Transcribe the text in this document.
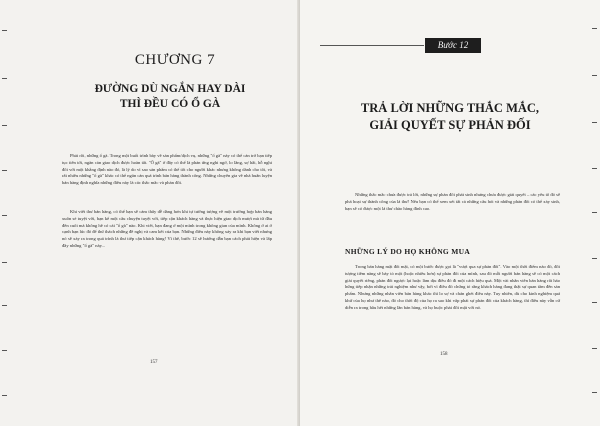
CHƯƠNG 7
ĐƯỜNG DÙ NGẮN HAY DÀI
THÌ ĐỀU CÓ Ổ GÀ
Phải rồi, những ổ gà. Trong một buổi trình bày về sản phẩm/dịch vụ, những "ổ gà" này có thể cản trở bạn tiếp tục tiến tới, ngăn cản giao dịch được hoàn tất. "Ổ gà" ở đây có thể là phản ứng nghi ngờ, lo lắng, sợ hãi, hỗ nghi đối với một khẳng định nào đó, là lý do vì sao sản phẩm có thể tốt cho người khác nhưng không dành cho tôi, và rất nhiều những "ổ gà" khác có thể ngăn cản quá trình bán hàng thành công. Những chuyên gia về nhà huấn luyện bán hàng định nghĩa những điều này là các thắc mắc và phản đối.
Khi viết thư bán hàng, có thể bạn sẽ cảm thấy dễ dàng hơn khi tự tưởng tượng về một trường hợp bán hàng xuôn sẻ tuyệt vời, bạn kể một câu chuyện tuyệt vời, tiếp cận khách hàng và thực hiện giao dịch mượt mà từ đầu đến cuối mà không hề có cái "ổ gà" nào. Khi viết, bạn đang ở một mình trong không gian của mình. Không ở ai ở cạnh bạn lúc đó để thử thách những đề nghị và cam kết của bạn. Những điều này không xảy ra khi bạn viết nhưng nó sẽ xảy ra trong quá trình là thư tiếp cận khách hàng! Vì thế, bước 12 sẽ hướng dẫn bạn cách phát hiện và lấp đầy những "ổ gà" này...
157
Bước 12
TRẢ LỜI NHỮNG THẮC MẮC,
GIẢI QUYẾT SỰ PHẢN ĐỐI
Những thắc mắc chưa được trả lời, những sự phản đối phát sinh nhưng chưa được giải quyết – các yếu tố đó sẽ phá hoại sự thành công của lá thư! Nếu bạn có thể xem xét tất cả những câu hỏi và những phản đối có thể xảy sinh, bạn sẽ có được một lá thư chào hàng đỉnh cao.
NHỮNG LÝ DO HỌ KHÔNG MUA
Trong bán hàng mặt đối mặt, có một bước được gọi là "vượt qua sự phản đối". Vào một thời điểm nào đó, đối tượng tiềm năng sẽ bày tỏ một (hoặc nhiều hơn) sự phản đối của mình, sau đó mỗi người bán hàng sẽ có một cách giải quyết riêng, phản đối ngược lại hoặc làm dịu điều đó đi một cách hiệu quả. Một vài nhân viên bán hàng rất háo hứng tiếp nhận những trải nghiệm như vậy, bởi vì điều đó chứng tỏ rằng khách hàng đang thật sự quan tâm đến sản phẩm. Nhưng những nhân viên bán hàng khác thì lo sợ và chán ghét điều này. Tuy nhiên, dù cho kinh nghiệm quá khứ của họ như thế nào, đó cho thời độ của họ ra sao khi vấp phải sự phản đối của khách hàng, thì điều này vẫn cứ diễn ra trong hầu hết những lần bán hàng, và họ buộc phải đối mặt với nó.
158
